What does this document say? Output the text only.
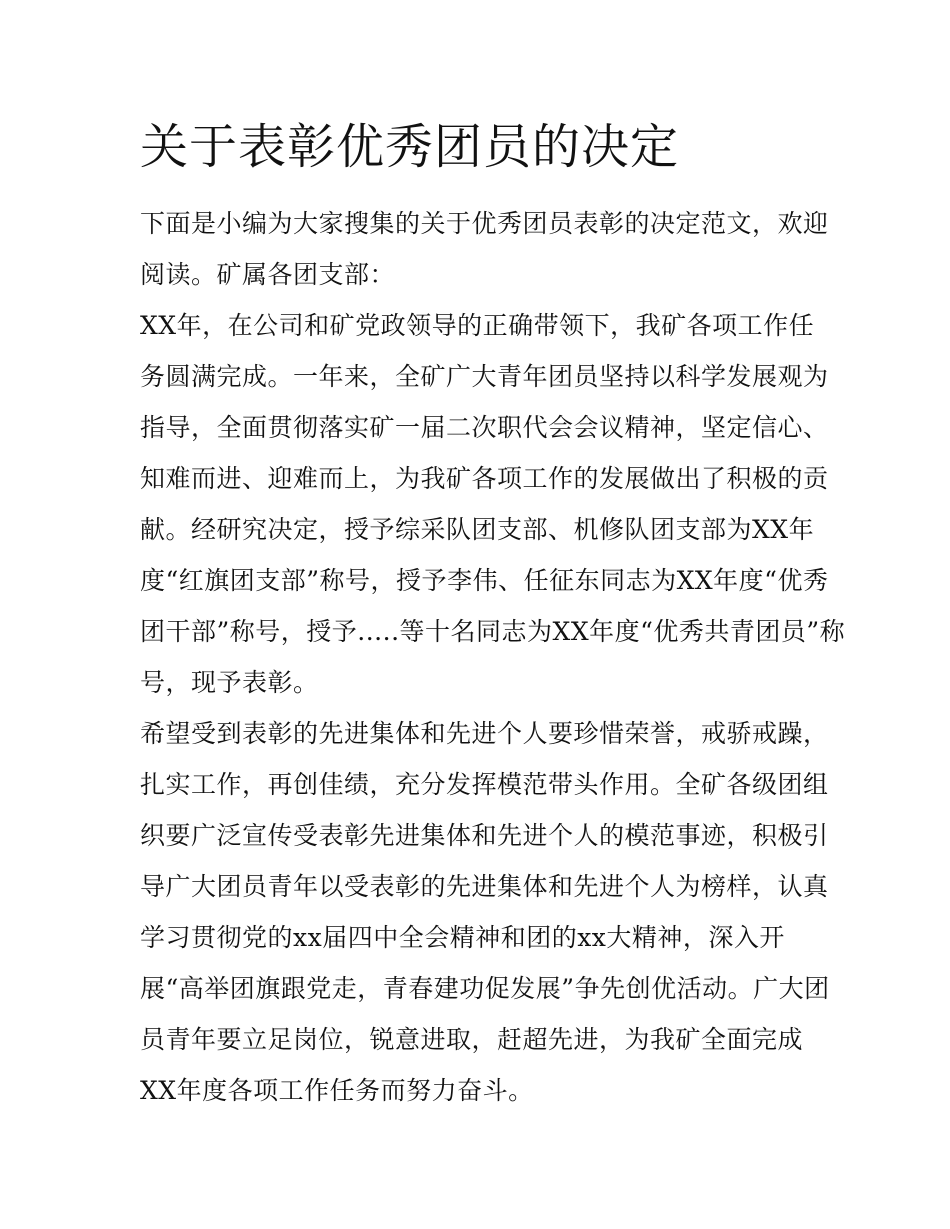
关于表彰优秀团员的决定
下面是小编为大家搜集的关于优秀团员表彰的决定范文，欢迎
阅读。矿属各团支部：
XX年，在公司和矿党政领导的正确带领下，我矿各项工作任
务圆满完成。一年来，全矿广大青年团员坚持以科学发展观为
指导，全面贯彻落实矿一届二次职代会会议精神，坚定信心、
知难而进、迎难而上，为我矿各项工作的发展做出了积极的贡
献。经研究决定，授予综采队团支部、机修队团支部为XX年
度“红旗团支部”称号，授予李伟、任征东同志为XX年度“优秀
团干部”称号，授予.....等十名同志为XX年度“优秀共青团员”称
号，现予表彰。
希望受到表彰的先进集体和先进个人要珍惜荣誉，戒骄戒躁，
扎实工作，再创佳绩，充分发挥模范带头作用。全矿各级团组
织要广泛宣传受表彰先进集体和先进个人的模范事迹，积极引
导广大团员青年以受表彰的先进集体和先进个人为榜样，认真
学习贯彻党的xx届四中全会精神和团的xx大精神，深入开
展“高举团旗跟党走，青春建功促发展”争先创优活动。广大团
员青年要立足岗位，锐意进取，赶超先进，为我矿全面完成
XX年度各项工作任务而努力奋斗。
